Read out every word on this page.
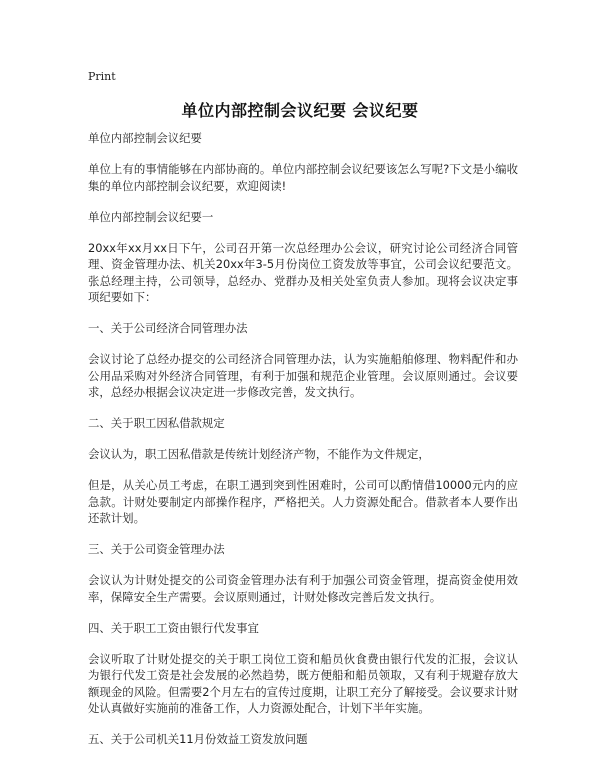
Print
单位内部控制会议纪要 会议纪要
单位内部控制会议纪要
单位上有的事情能够在内部协商的。单位内部控制会议纪要该怎么写呢?下文是小编收集的单位内部控制会议纪要，欢迎阅读!
单位内部控制会议纪要一
20xx年xx月xx日下午，公司召开第一次总经理办公会议，研究讨论公司经济合同管理、资金管理办法、机关20xx年3-5月份岗位工资发放等事宜，公司会议纪要范文。张总经理主持，公司领导，总经办、党群办及相关处室负责人参加。现将会议决定事项纪要如下：
一、关于公司经济合同管理办法
会议讨论了总经办提交的公司经济合同管理办法，认为实施船舶修理、物料配件和办公用品采购对外经济合同管理，有利于加强和规范企业管理。会议原则通过。会议要求，总经办根据会议决定进一步修改完善，发文执行。
二、关于职工因私借款规定
会议认为，职工因私借款是传统计划经济产物，不能作为文件规定，
但是，从关心员工考虑，在职工遇到突到性困难时，公司可以酌情借10000元内的应急款。计财处要制定内部操作程序，严格把关。人力资源处配合。借款者本人要作出还款计划。
三、关于公司资金管理办法
会议认为计财处提交的公司资金管理办法有利于加强公司资金管理，提高资金使用效率，保障安全生产需要。会议原则通过，计财处修改完善后发文执行。
四、关于职工工资由银行代发事宜
会议听取了计财处提交的关于职工岗位工资和船员伙食费由银行代发的汇报，会议认为银行代发工资是社会发展的必然趋势，既方便船和船员领取，又有利于规避存放大额现金的风险。但需要2个月左右的宣传过度期，让职工充分了解接受。会议要求计财处认真做好实施前的准备工作，人力资源处配合，计划下半年实施。
五、关于公司机关11月份效益工资发放问题
